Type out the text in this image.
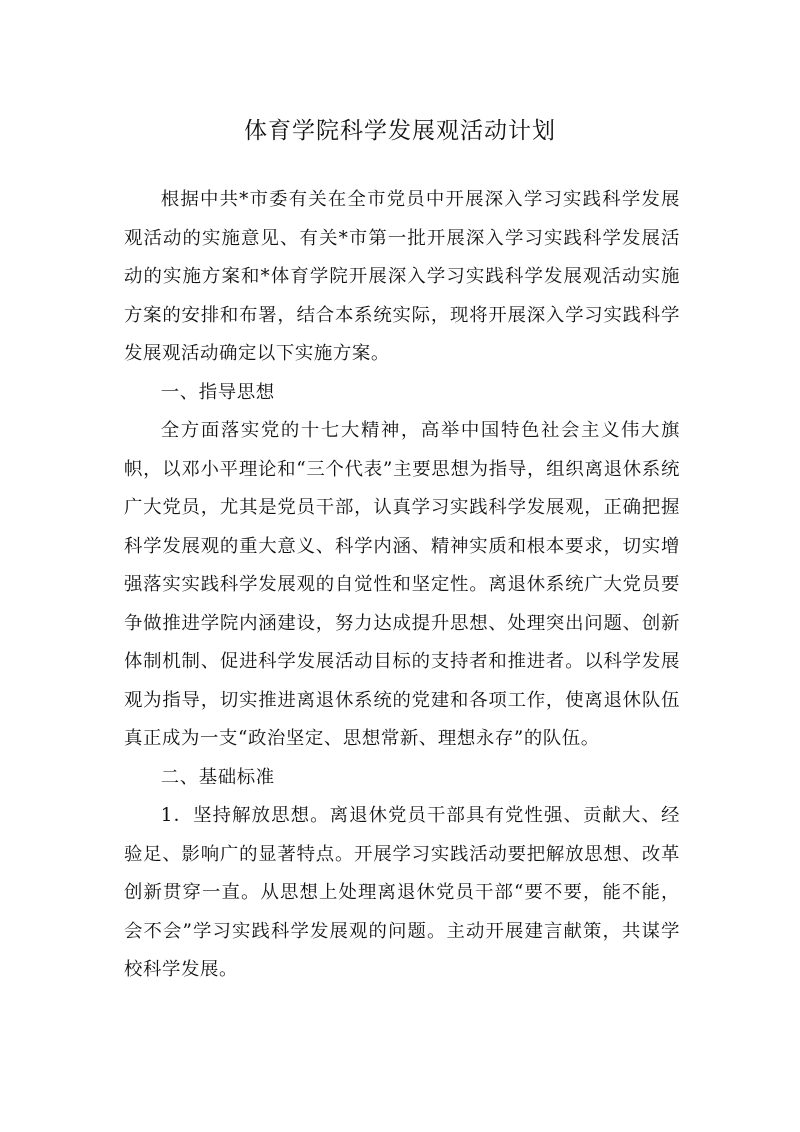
体育学院科学发展观活动计划

根据中共*市委有关在全市党员中开展深入学习实践科学发展观活动的实施意见、有关*市第一批开展深入学习实践科学发展活动的实施方案和*体育学院开展深入学习实践科学发展观活动实施方案的安排和布署，结合本系统实际，现将开展深入学习实践科学发展观活动确定以下实施方案。

一、指导思想

全方面落实党的十七大精神，高举中国特色社会主义伟大旗帜，以邓小平理论和“三个代表”主要思想为指导，组织离退休系统广大党员，尤其是党员干部，认真学习实践科学发展观，正确把握科学发展观的重大意义、科学内涵、精神实质和根本要求，切实增强落实实践科学发展观的自觉性和坚定性。离退休系统广大党员要争做推进学院内涵建设，努力达成提升思想、处理突出问题、创新体制机制、促进科学发展活动目标的支持者和推进者。以科学发展观为指导，切实推进离退休系统的党建和各项工作，使离退休队伍真正成为一支“政治坚定、思想常新、理想永存”的队伍。

二、基础标准

1．坚持解放思想。离退休党员干部具有党性强、贡献大、经验足、影响广的显著特点。开展学习实践活动要把解放思想、改革创新贯穿一直。从思想上处理离退休党员干部“要不要，能不能，会不会”学习实践科学发展观的问题。主动开展建言献策，共谋学校科学发展。
